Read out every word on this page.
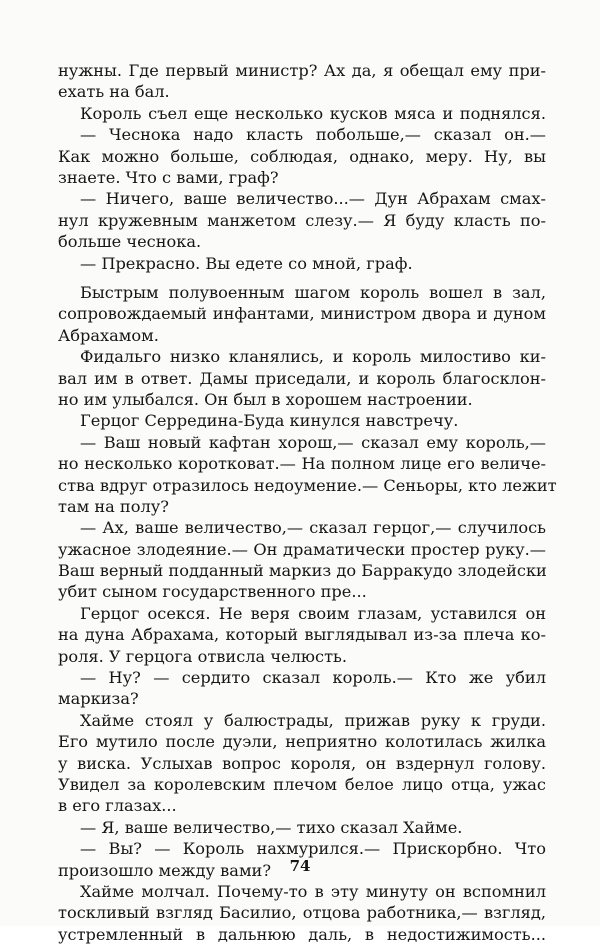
нужны. Где первый министр? Ах да, я обещал ему при-
ехать на бал.
Король съел еще несколько кусков мяса и поднялся.
— Чеснока надо класть побольше,— сказал он.—
Как можно больше, соблюдая, однако, меру. Ну, вы
знаете. Что с вами, граф?
— Ничего, ваше величество...— Дун Абрахам смах-
нул кружевным манжетом слезу.— Я буду класть по-
больше чеснока.
— Прекрасно. Вы едете со мной, граф.
Быстрым полувоенным шагом король вошел в зал,
сопровождаемый инфантами, министром двора и дуном
Абрахамом.
Фидальго низко кланялись, и король милостиво ки-
вал им в ответ. Дамы приседали, и король благосклон-
но им улыбался. Он был в хорошем настроении.
Герцог Серредина-Буда кинулся навстречу.
— Ваш новый кафтан хорош,— сказал ему король,—
но несколько коротковат.— На полном лице его величе-
ства вдруг отразилось недоумение.— Сеньоры, кто лежит
там на полу?
— Ах, ваше величество,— сказал герцог,— случилось
ужасное злодеяние.— Он драматически простер руку.—
Ваш верный подданный маркиз до Барракудо злодейски
убит сыном государственного пре...
Герцог осекся. Не веря своим глазам, уставился он
на дуна Абрахама, который выглядывал из-за плеча ко-
роля. У герцога отвисла челюсть.
— Ну? — сердито сказал король.— Кто же убил
маркиза?
Хайме стоял у балюстрады, прижав руку к груди.
Его мутило после дуэли, неприятно колотилась жилка
у виска. Услыхав вопрос короля, он вздернул голову.
Увидел за королевским плечом белое лицо отца, ужас
в его глазах...
— Я, ваше величество,— тихо сказал Хайме.
— Вы? — Король нахмурился.— Прискорбно. Что
произошло между вами?
Хайме молчал. Почему-то в эту минуту он вспомнил
тоскливый взгляд Басилио, отцова работника,— взгляд,
устремленный в дальнюю даль, в недостижимость...
74
